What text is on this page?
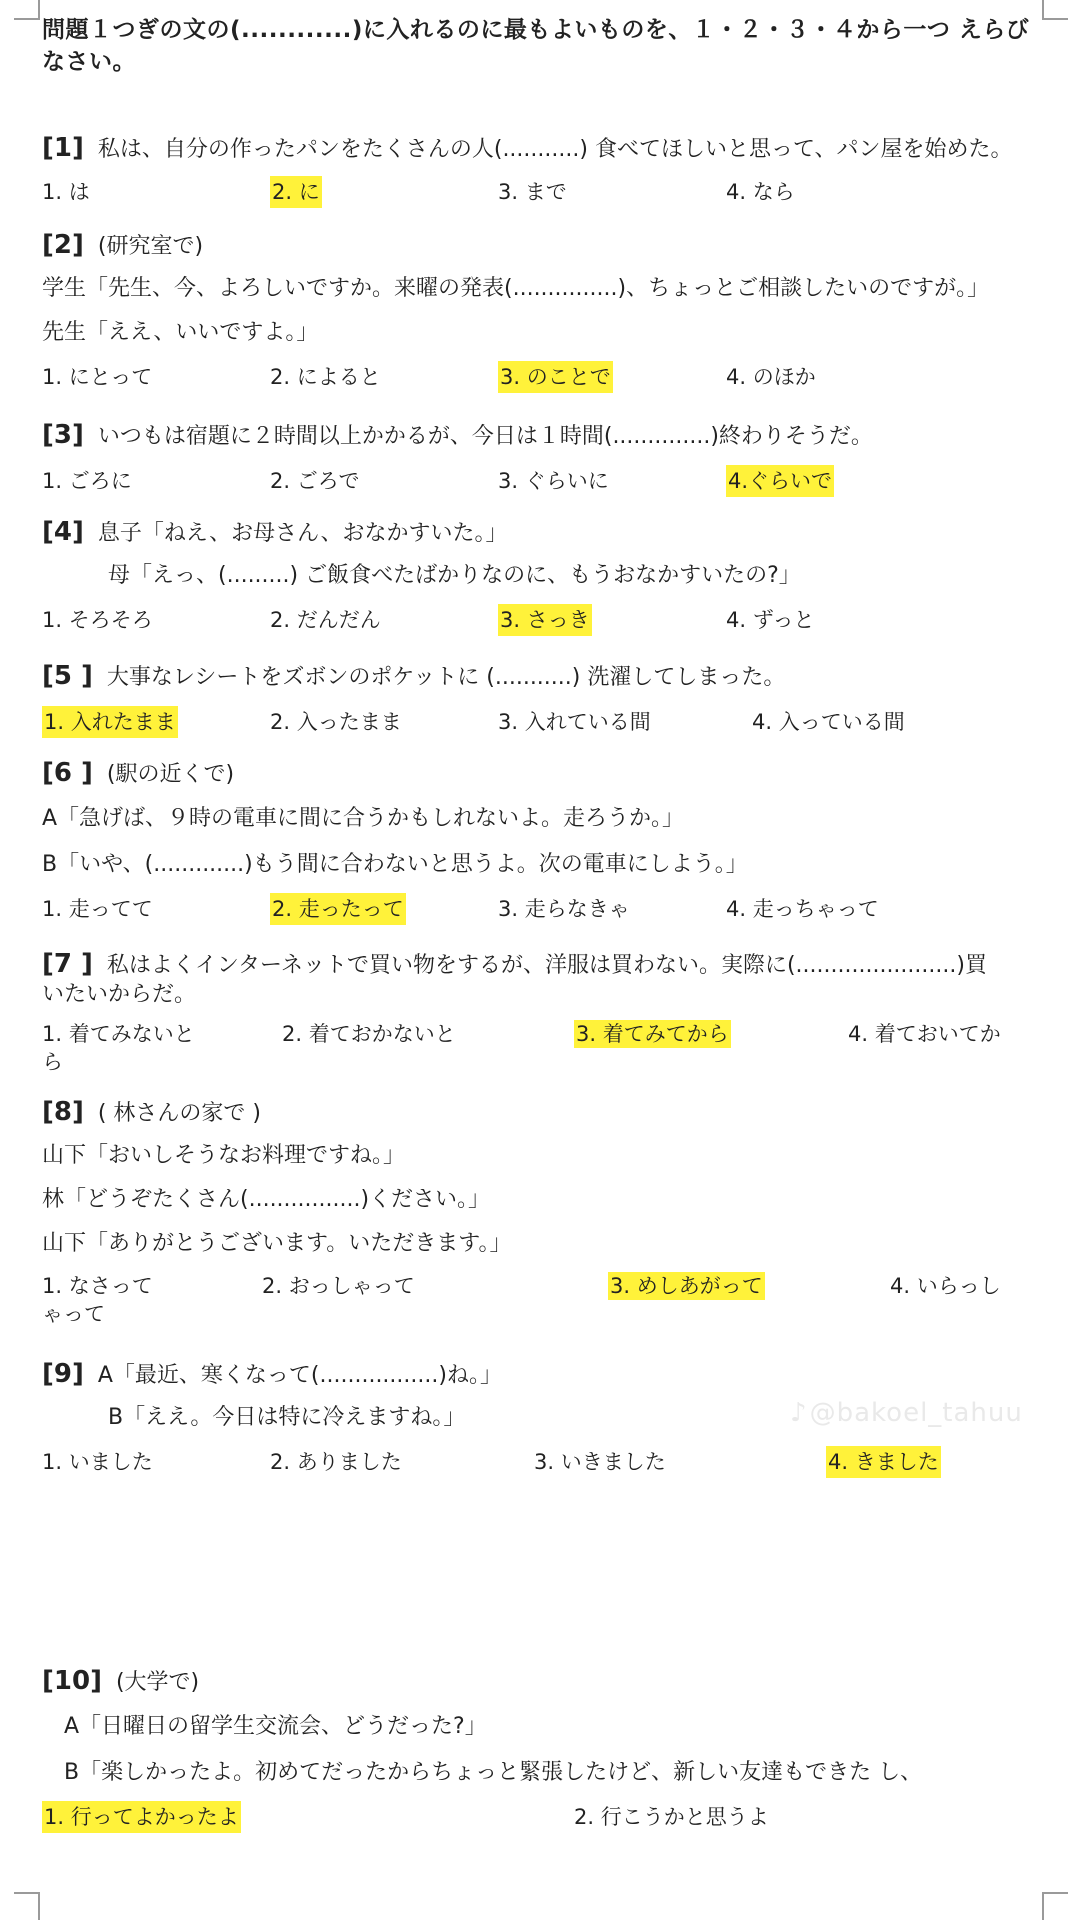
問題１つぎの文の(............)に入れるのに最もよいものを、１・２・３・４から一つ えらびなさい。
[1] 私は、自分の作ったパンをたくさんの人(...........) 食べてほしいと思って、パン屋を始めた。
1. は	2. に	3. まで	4. なら
[2] (研究室で)
学生「先生、今、よろしいですか。来曜の発表(...............)、ちょっとご相談したいのですが。」
先生「ええ、いいですよ。」
1. にとって	2. によると	3. のことで	4. のほか
[3] いつもは宿題に２時間以上かかるが、今日は１時間(..............)終わりそうだ。
1. ごろに	2. ごろで	3. ぐらいに	4.ぐらいで
[4] 息子「ねえ、お母さん、おなかすいた。」
母「えっ、(.........) ご飯食べたばかりなのに、もうおなかすいたの?」
1. そろそろ	2. だんだん	3. さっき	4. ずっと
[5 ] 大事なレシートをズボンのポケットに (...........) 洗濯してしまった。
1. 入れたまま	2. 入ったまま	3. 入れている間	4. 入っている間
[6 ] (駅の近くで)
A「急げば、９時の電車に間に合うかもしれないよ。走ろうか。」
B「いや、(.............)もう間に合わないと思うよ。次の電車にしよう。」
1. 走ってて	2. 走ったって	3. 走らなきゃ	4. 走っちゃって
[7 ] 私はよくインターネットで買い物をするが、洋服は買わない。実際に(.......................)買
いたいからだ。
1. 着てみないと	2. 着ておかないと	3. 着てみてから	4. 着ておいてか
ら
[8] ( 林さんの家で )
山下「おいしそうなお料理ですね。」
林「どうぞたくさん(................)ください。」
山下「ありがとうございます。いただきます。」
1. なさって	2. おっしゃって	3. めしあがって	4. いらっし
ゃって
[9] A「最近、寒くなって(.................)ね。」
B「ええ。今日は特に冷えますね。」
1. いました	2. ありました	3. いきました	4. きました
♪@bakoel_tahuu
[10] (大学で)
A「日曜日の留学生交流会、どうだった?」
B「楽しかったよ。初めてだったからちょっと緊張したけど、新しい友達もできた し、
1. 行ってよかったよ	2. 行こうかと思うよ
